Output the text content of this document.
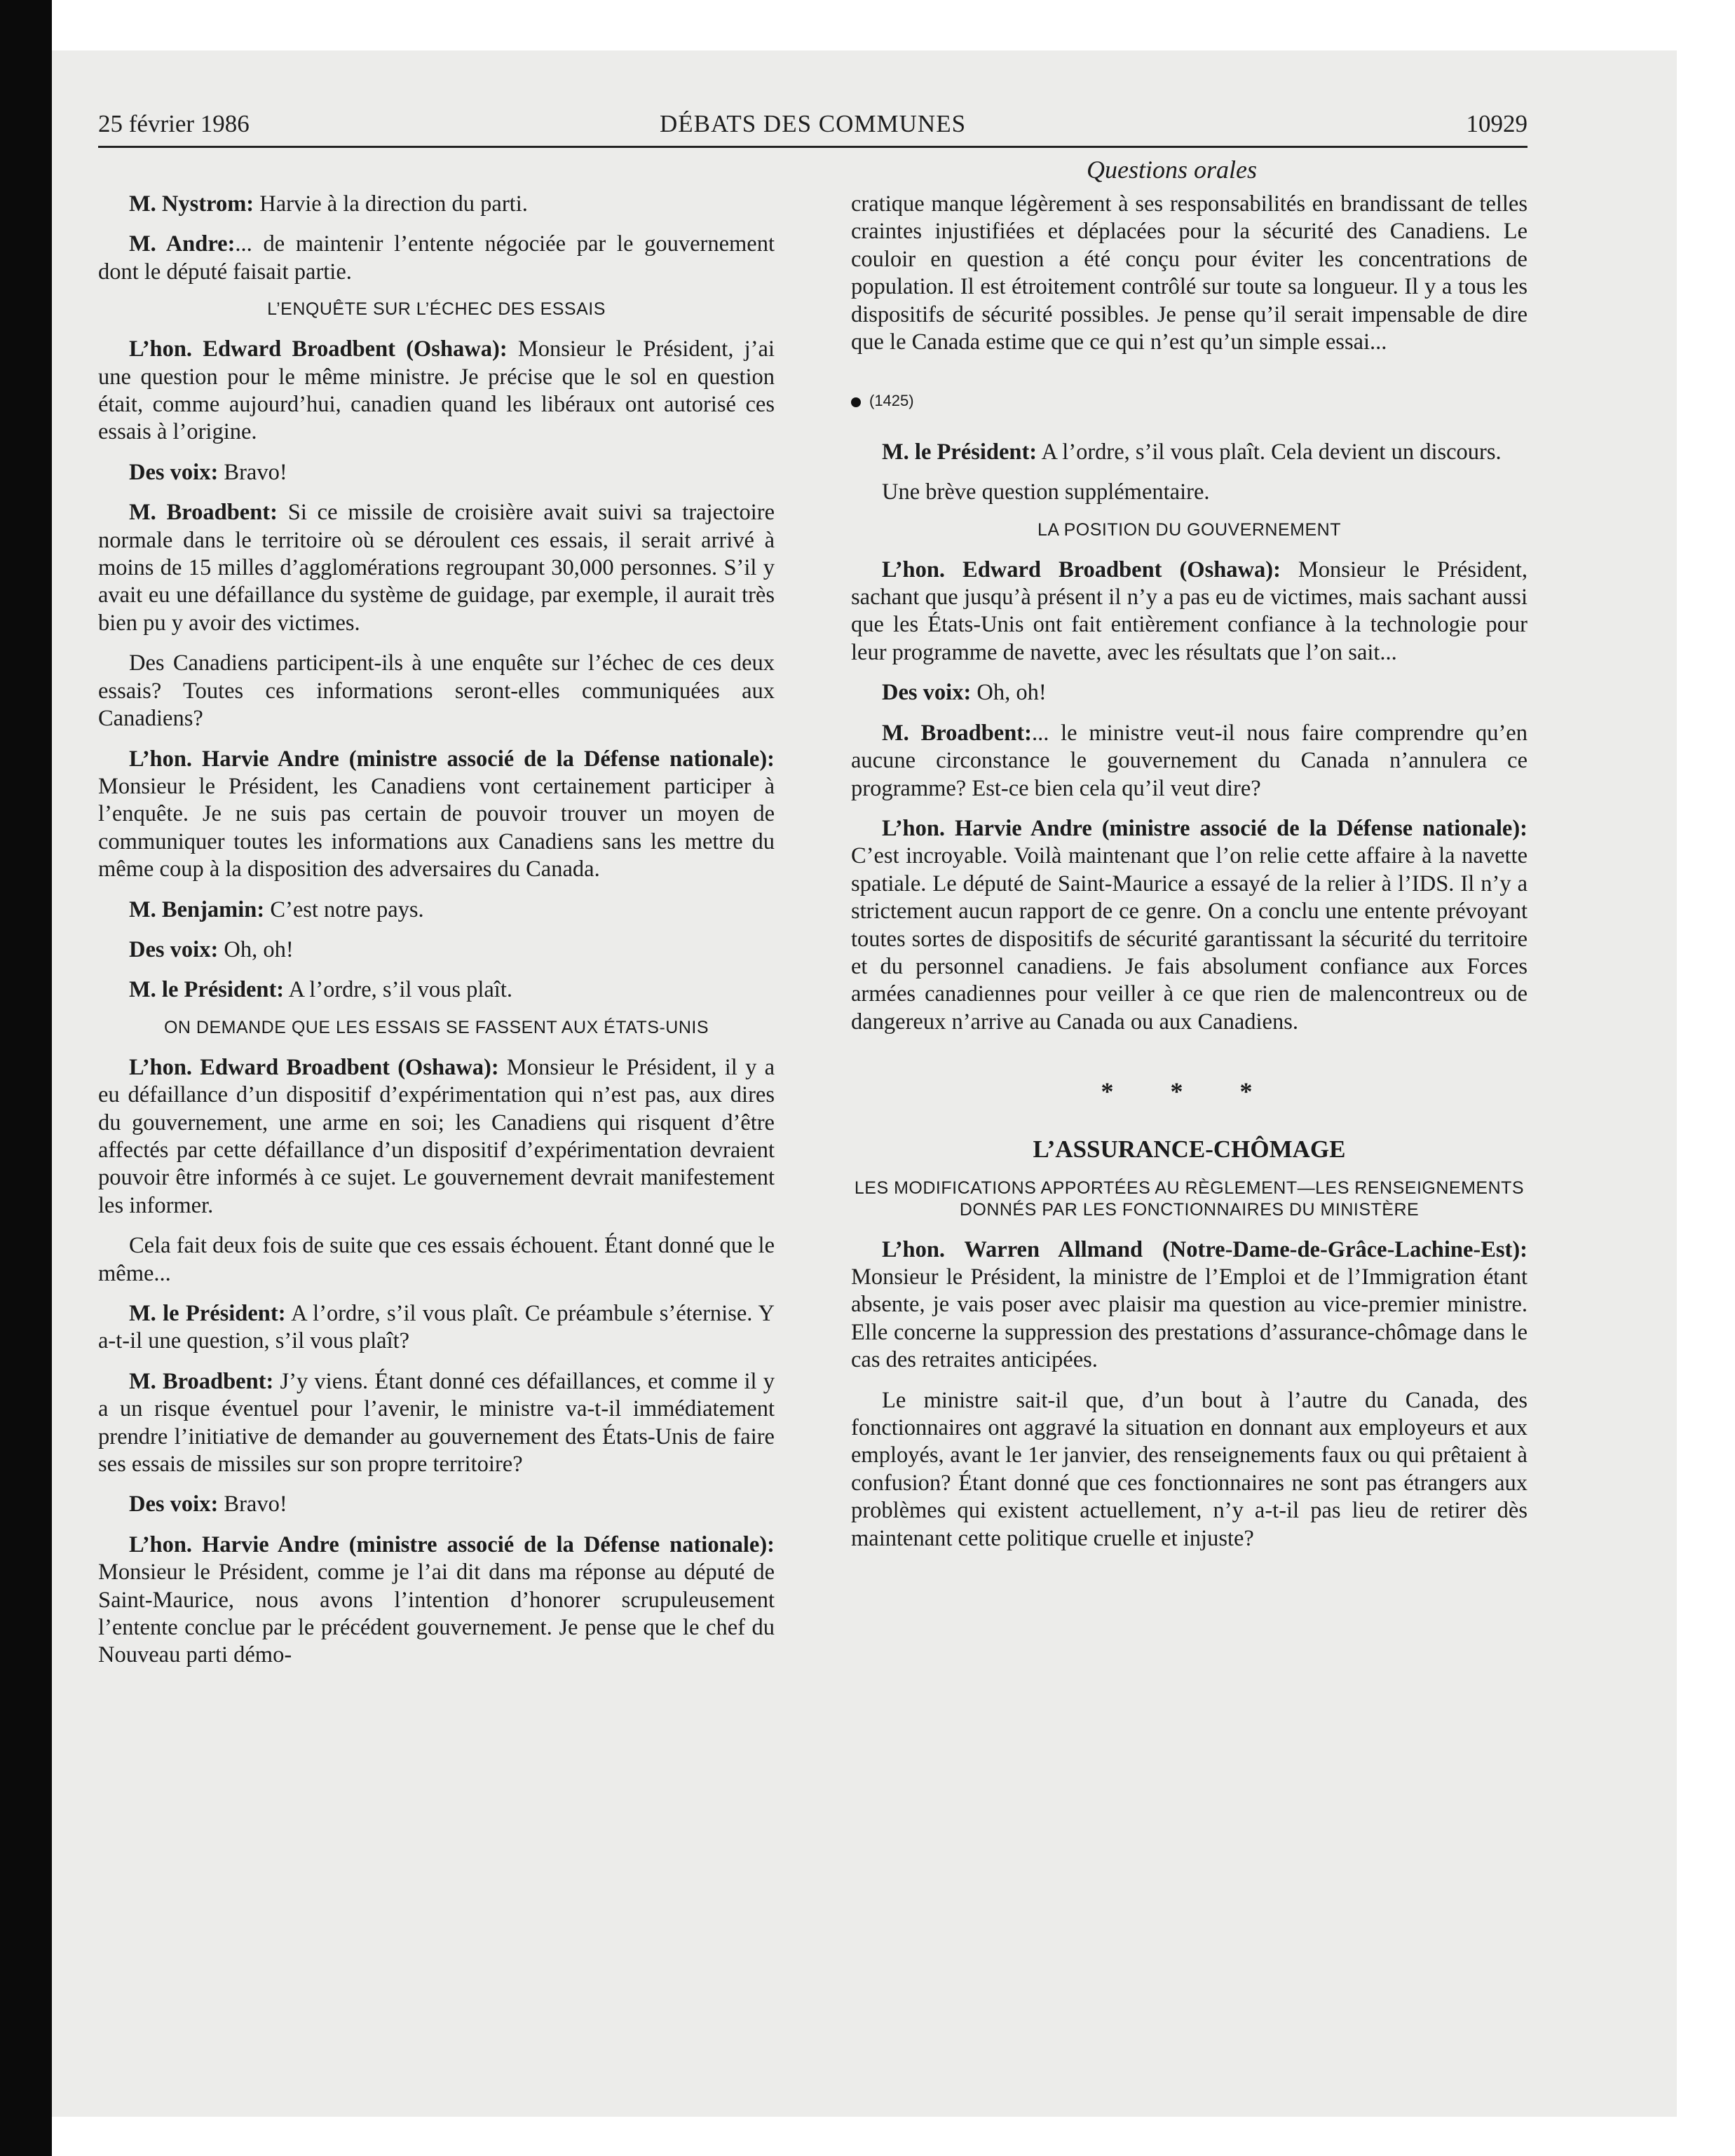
25 février 1986	DÉBATS DES COMMUNES	10929
Questions orales

M. Nystrom: Harvie à la direction du parti.

M. Andre:... de maintenir l’entente négociée par le gouvernement dont le député faisait partie.

L’ENQUÊTE SUR L’ÉCHEC DES ESSAIS

L’hon. Edward Broadbent (Oshawa): Monsieur le Président, j’ai une question pour le même ministre. Je précise que le sol en question était, comme aujourd’hui, canadien quand les libéraux ont autorisé ces essais à l’origine.

Des voix: Bravo!

M. Broadbent: Si ce missile de croisière avait suivi sa trajectoire normale dans le territoire où se déroulent ces essais, il serait arrivé à moins de 15 milles d’agglomérations regroupant 30,000 personnes. S’il y avait eu une défaillance du système de guidage, par exemple, il aurait très bien pu y avoir des victimes.

Des Canadiens participent-ils à une enquête sur l’échec de ces deux essais? Toutes ces informations seront-elles communiquées aux Canadiens?

L’hon. Harvie Andre (ministre associé de la Défense nationale): Monsieur le Président, les Canadiens vont certainement participer à l’enquête. Je ne suis pas certain de pouvoir trouver un moyen de communiquer toutes les informations aux Canadiens sans les mettre du même coup à la disposition des adversaires du Canada.

M. Benjamin: C’est notre pays.

Des voix: Oh, oh!

M. le Président: A l’ordre, s’il vous plaît.

ON DEMANDE QUE LES ESSAIS SE FASSENT AUX ÉTATS-UNIS

L’hon. Edward Broadbent (Oshawa): Monsieur le Président, il y a eu défaillance d’un dispositif d’expérimentation qui n’est pas, aux dires du gouvernement, une arme en soi; les Canadiens qui risquent d’être affectés par cette défaillance d’un dispositif d’expérimentation devraient pouvoir être informés à ce sujet. Le gouvernement devrait manifestement les informer.

Cela fait deux fois de suite que ces essais échouent. Étant donné que le même...

M. le Président: A l’ordre, s’il vous plaît. Ce préambule s’éternise. Y a-t-il une question, s’il vous plaît?

M. Broadbent: J’y viens. Étant donné ces défaillances, et comme il y a un risque éventuel pour l’avenir, le ministre va-t-il immédiatement prendre l’initiative de demander au gouvernement des États-Unis de faire ses essais de missiles sur son propre territoire?

Des voix: Bravo!

L’hon. Harvie Andre (ministre associé de la Défense nationale): Monsieur le Président, comme je l’ai dit dans ma réponse au député de Saint-Maurice, nous avons l’intention d’honorer scrupuleusement l’entente conclue par le précédent gouvernement. Je pense que le chef du Nouveau parti démo-

cratique manque légèrement à ses responsabilités en brandissant de telles craintes injustifiées et déplacées pour la sécurité des Canadiens. Le couloir en question a été conçu pour éviter les concentrations de population. Il est étroitement contrôlé sur toute sa longueur. Il y a tous les dispositifs de sécurité possibles. Je pense qu’il serait impensable de dire que le Canada estime que ce qui n’est qu’un simple essai...

(1425)

M. le Président: A l’ordre, s’il vous plaît. Cela devient un discours.

Une brève question supplémentaire.

LA POSITION DU GOUVERNEMENT

L’hon. Edward Broadbent (Oshawa): Monsieur le Président, sachant que jusqu’à présent il n’y a pas eu de victimes, mais sachant aussi que les États-Unis ont fait entièrement confiance à la technologie pour leur programme de navette, avec les résultats que l’on sait...

Des voix: Oh, oh!

M. Broadbent:... le ministre veut-il nous faire comprendre qu’en aucune circonstance le gouvernement du Canada n’annulera ce programme? Est-ce bien cela qu’il veut dire?

L’hon. Harvie Andre (ministre associé de la Défense nationale): C’est incroyable. Voilà maintenant que l’on relie cette affaire à la navette spatiale. Le député de Saint-Maurice a essayé de la relier à l’IDS. Il n’y a strictement aucun rapport de ce genre. On a conclu une entente prévoyant toutes sortes de dispositifs de sécurité garantissant la sécurité du territoire et du personnel canadiens. Je fais absolument confiance aux Forces armées canadiennes pour veiller à ce que rien de malencontreux ou de dangereux n’arrive au Canada ou aux Canadiens.

* * *
L’ASSURANCE-CHÔMAGE
LES MODIFICATIONS APPORTÉES AU RÈGLEMENT—LES RENSEIGNEMENTS DONNÉS PAR LES FONCTIONNAIRES DU MINISTÈRE

L’hon. Warren Allmand (Notre-Dame-de-Grâce-Lachine-Est): Monsieur le Président, la ministre de l’Emploi et de l’Immigration étant absente, je vais poser avec plaisir ma question au vice-premier ministre. Elle concerne la suppression des prestations d’assurance-chômage dans le cas des retraites anticipées.

Le ministre sait-il que, d’un bout à l’autre du Canada, des fonctionnaires ont aggravé la situation en donnant aux employeurs et aux employés, avant le 1er janvier, des renseignements faux ou qui prêtaient à confusion? Étant donné que ces fonctionnaires ne sont pas étrangers aux problèmes qui existent actuellement, n’y a-t-il pas lieu de retirer dès maintenant cette politique cruelle et injuste?
